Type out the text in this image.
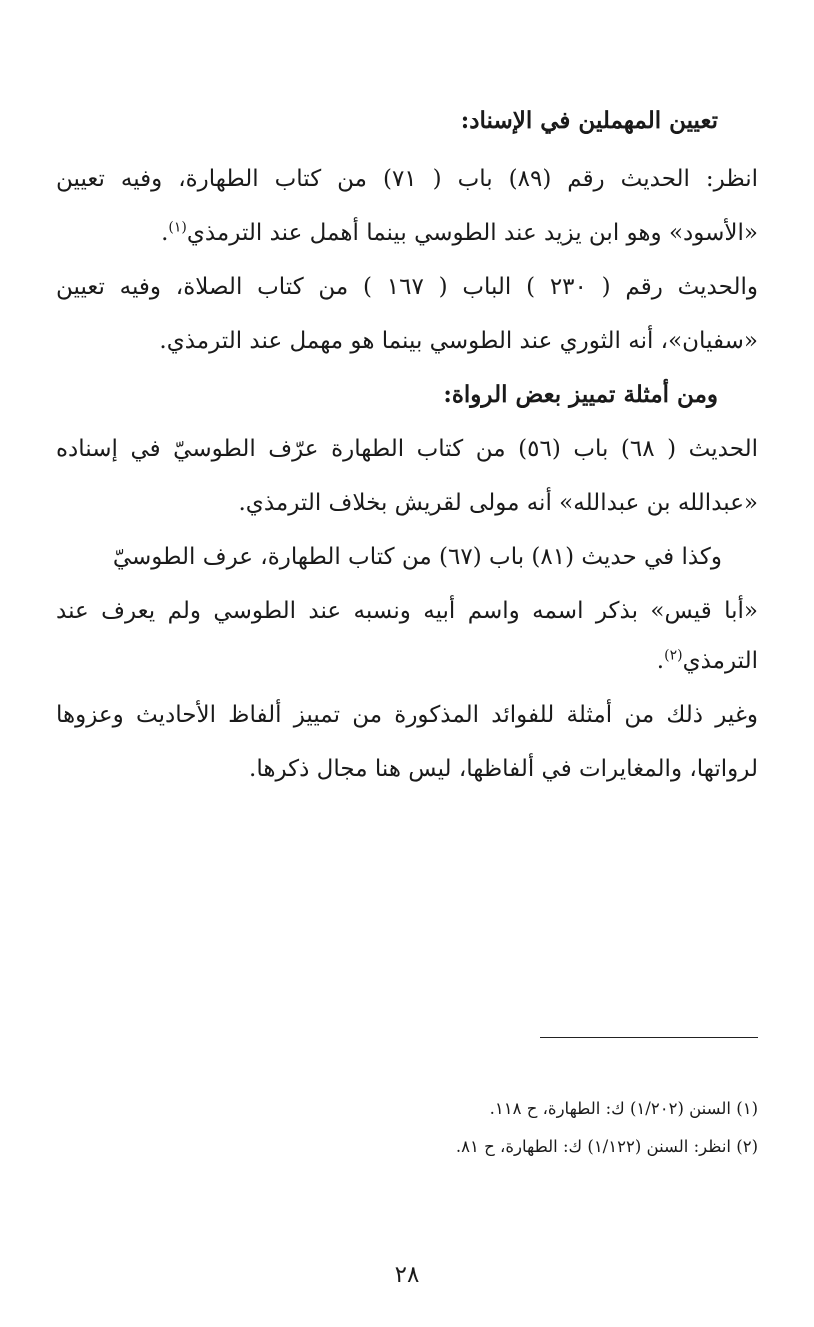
تعيين المهملين في الإسناد:
انظر: الحديث رقم (٨٩) باب ( ٧١) من كتاب الطهارة، وفيه تعيين
«الأسود» وهو ابن يزيد عند الطوسي بينما أهمل عند الترمذي$^{(١)}$.
والحديث رقم ( ٢٣٠ ) الباب ( ١٦٧ ) من كتاب الصلاة، وفيه تعيين
«سفيان»، أنه الثوري عند الطوسي بينما هو مهمل عند الترمذي.
ومن أمثلة تمييز بعض الرواة:
الحديث ( ٦٨) باب (٥٦) من كتاب الطهارة عرّف الطوسيّ في إسناده
«عبدالله بن عبدالله» أنه مولى لقريش بخلاف الترمذي.
وكذا في حديث (٨١) باب (٦٧) من كتاب الطهارة، عرف الطوسيّ
«أبا قيس» بذكر اسمه واسم أبيه ونسبه عند الطوسي ولم يعرف عند
الترمذي$^{(٢)}$.
وغير ذلك من أمثلة للفوائد المذكورة من تمييز ألفاظ الأحاديث وعزوها
لرواتها، والمغايرات في ألفاظها، ليس هنا مجال ذكرها.
(١) السنن (١/٢٠٢) ك: الطهارة، ح ١١٨.
(٢) انظر: السنن (١/١٢٢) ك: الطهارة، ح ٨١.
٢٨
